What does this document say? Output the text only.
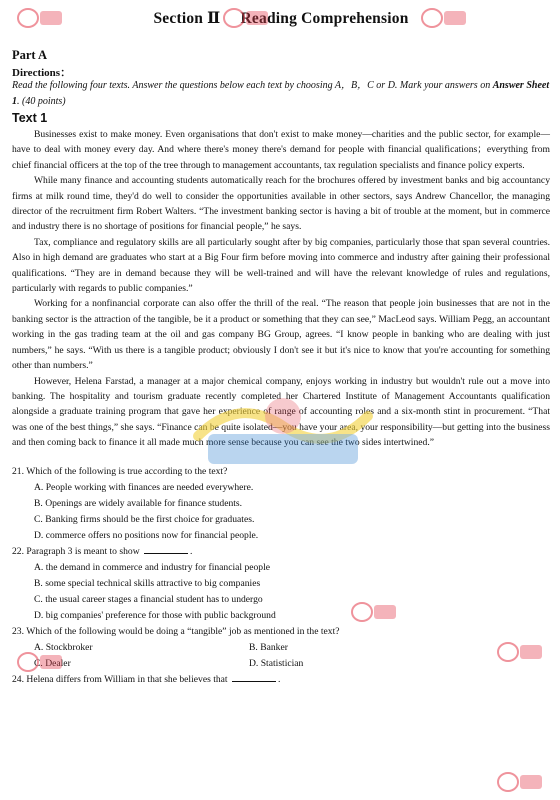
Section Ⅱ Reading Comprehension
Part A
Directions：
Read the following four texts. Answer the questions below each text by choosing A，B，C or D. Mark your answers on Answer Sheet 1. (40 points)
Text 1

Businesses exist to make money. Even organisations that don't exist to make money—charities and the public sector, for example—have to deal with money every day. And where there's money there's demand for people with financial qualifications；everything from chief financial officers at the top of the tree through to management accountants, tax regulation specialists and finance policy experts.

While many finance and accounting students automatically reach for the brochures offered by investment banks and big accountancy firms at milk round time, they'd do well to consider the opportunities available in other sectors, says Andrew Chancellor, the managing director of the recruitment firm Robert Walters. “The investment banking sector is having a bit of trouble at the moment, but in commerce and industry there is no shortage of positions for financial people,” he says.

Tax, compliance and regulatory skills are all particularly sought after by big companies, particularly those that span several countries. Also in high demand are graduates who start at a Big Four firm before moving into commerce and industry after gaining their professional qualifications. “They are in demand because they will be well-trained and will have the relevant knowledge of rules and regulations, particularly with regards to public companies.”

Working for a nonfinancial corporate can also offer the thrill of the real. “The reason that people join businesses that are not in the banking sector is the attraction of the tangible, be it a product or something that they can see,” MacLeod says. William Pegg, an accountant working in the gas trading team at the oil and gas company BG Group, agrees. “I know people in banking who are dealing with just numbers,” he says. “With us there is a tangible product; obviously I don't see it but it's nice to know that you're accounting for something other than numbers.”

However, Helena Farstad, a manager at a major chemical company, enjoys working in industry but wouldn't rule out a move into banking. The hospitality and tourism graduate recently completed her Chartered Institute of Management Accountants qualification alongside a graduate training program that gave her experience of range of accounting roles and a six-month stint in procurement. “That was one of the best things,” she says. “Finance can be quite isolated—you have your area, your responsibility—but getting into the business and then coming back to finance it all made much more sense because you can see the two sides intertwined.”

21. Which of the following is true according to the text?
A. People working with finances are needed everywhere.
B. Openings are widely available for finance students.
C. Banking firms should be the first choice for graduates.
D. commerce offers no positions now for financial people.
22. Paragraph 3 is meant to show	.
A. the demand in commerce and industry for financial people
B. some special technical skills attractive to big companies
C. the usual career stages a financial student has to undergo
D. big companies' preference for those with public background
23. Which of the following would be doing a “tangible” job as mentioned in the text?
A. Stockbroker	B. Banker
C. Dealer	D. Statistician
24. Helena differs from William in that she believes that	.
